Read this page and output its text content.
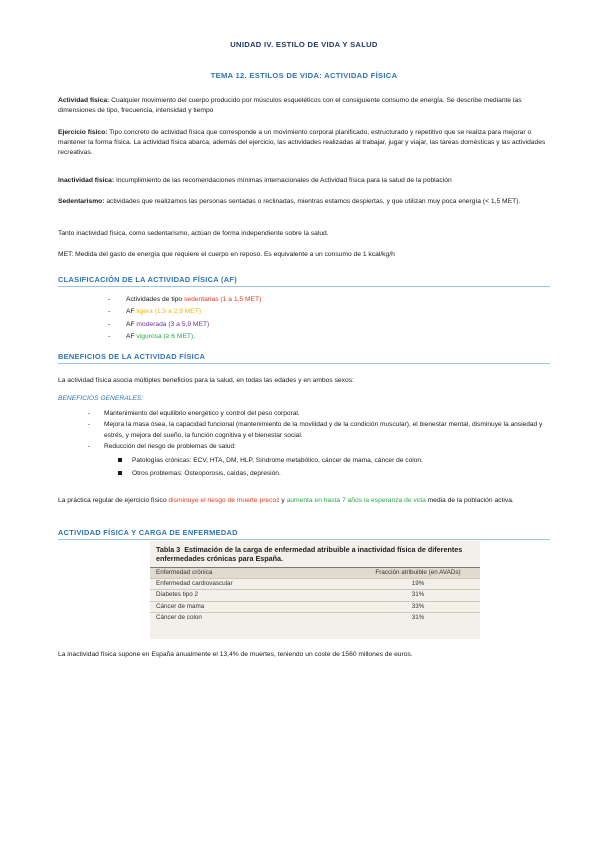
UNIDAD IV. ESTILO DE VIDA Y SALUD
TEMA 12. ESTILOS DE VIDA: ACTIVIDAD FÍSICA

Actividad física: Cualquier movimiento del cuerpo producido por músculos esqueléticos con el consiguiente consumo de energía. Se describe mediante las dimensiones de tipo, frecuencia, intensidad y tiempo

Ejercicio físico: Tipo concreto de actividad física que corresponde a un movimiento corporal planificado, estructurado y repetitivo que se realiza para mejorar o mantener la forma física. La actividad física abarca, además del ejercicio, las actividades realizadas al trabajar, jugar y viajar, las tareas domésticas y las actividades recreativas.

Inactividad física: Incumplimiento de las recomendaciones mínimas internacionales de Actividad física para la salud de la población

Sedentarismo: actividades que realizamos las personas sentadas o reclinadas, mientras estamos despiertas, y que utilizan muy poca energía (< 1,5 MET).

Tanto inactividad física, como sedentarismo, actúan de forma independiente sobre la salud.

MET: Medida del gasto de energía que requiere el cuerpo en reposo. Es equivalente a un consumo de 1 kcal/kg/h

CLASIFICACIÓN DE LA ACTIVIDAD FÍSICA (AF)
- Actividades de tipo sedentarias (1 a 1,5 MET)
- AF ligera (1,5 a 2,9 MET)
- AF moderada (3 a 5,9 MET)
- AF vigorosa (≥ 6 MET).
BENEFICIOS DE LA ACTIVIDAD FÍSICA

La actividad física asocia múltiples beneficios para la salud, en todas las edades y en ambos sexos:

BENEFICIOS GENERALES:
- Mantenimiento del equilibrio energético y control del peso corporal.
- Mejora la masa ósea, la capacidad funcional (mantenimiento de la movilidad y de la condición muscular), el bienestar mental, disminuye la ansiedad y estrés, y mejora del sueño, la función cognitiva y el bienestar social.
- Reducción del riesgo de problemas de salud:
Patologías crónicas: ECV, HTA, DM, HLP, Síndrome metabólico, cáncer de mama, cáncer de colon.
Otros problemas: Osteoporosis, caídas, depresión.

La práctica regular de ejercicio físico disminuye el riesgo de muerte precoz y aumenta en hasta 7 años la esperanza de vida media de la población activa.

ACTIVIDAD FÍSICA Y CARGA DE ENFERMEDAD
Tabla 3 Estimación de la carga de enfermedad atribuible a inactividad física de diferentes enfermedades crónicas para España.
Enfermedad crónica	Fracción atribuible (en AVADs)
Enfermedad cardiovascular	19%
Diabetes tipo 2	31%
Cáncer de mama	33%
Cáncer de colon	31%

La inactividad física supone en España anualmente el 13,4% de muertes, teniendo un coste de 1560 millones de euros.
